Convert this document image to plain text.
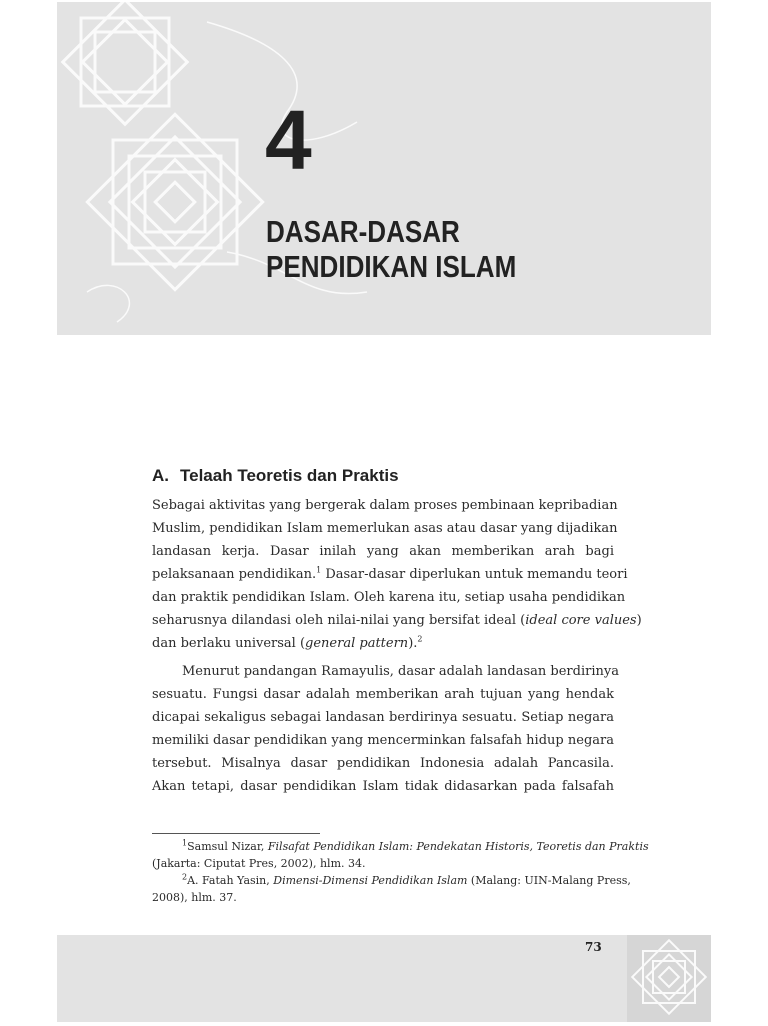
4
DASAR-DASAR
PENDIDIKAN ISLAM
A. Telaah Teoretis dan Praktis
Sebagai aktivitas yang bergerak dalam proses pembinaan kepribadian
Muslim, pendidikan Islam memerlukan asas atau dasar yang dijadikan
landasan kerja. Dasar inilah yang akan memberikan arah bagi
pelaksanaan pendidikan.$^1$ Dasar-dasar diperlukan untuk memandu teori
dan praktik pendidikan Islam. Oleh karena itu, setiap usaha pendidikan
seharusnya dilandasi oleh nilai-nilai yang bersifat ideal (ideal core values)
dan berlaku universal (general pattern).$^2$
Menurut pandangan Ramayulis, dasar adalah landasan berdirinya
sesuatu. Fungsi dasar adalah memberikan arah tujuan yang hendak
dicapai sekaligus sebagai landasan berdirinya sesuatu. Setiap negara
memiliki dasar pendidikan yang mencerminkan falsafah hidup negara
tersebut. Misalnya dasar pendidikan Indonesia adalah Pancasila.
Akan tetapi, dasar pendidikan Islam tidak didasarkan pada falsafah
$^1$Samsul Nizar, Filsafat Pendidikan Islam: Pendekatan Historis, Teoretis dan Praktis
(Jakarta: Ciputat Pres, 2002), hlm. 34.
$^2$A. Fatah Yasin, Dimensi-Dimensi Pendidikan Islam (Malang: UIN-Malang Press,
2008), hlm. 37.
73
